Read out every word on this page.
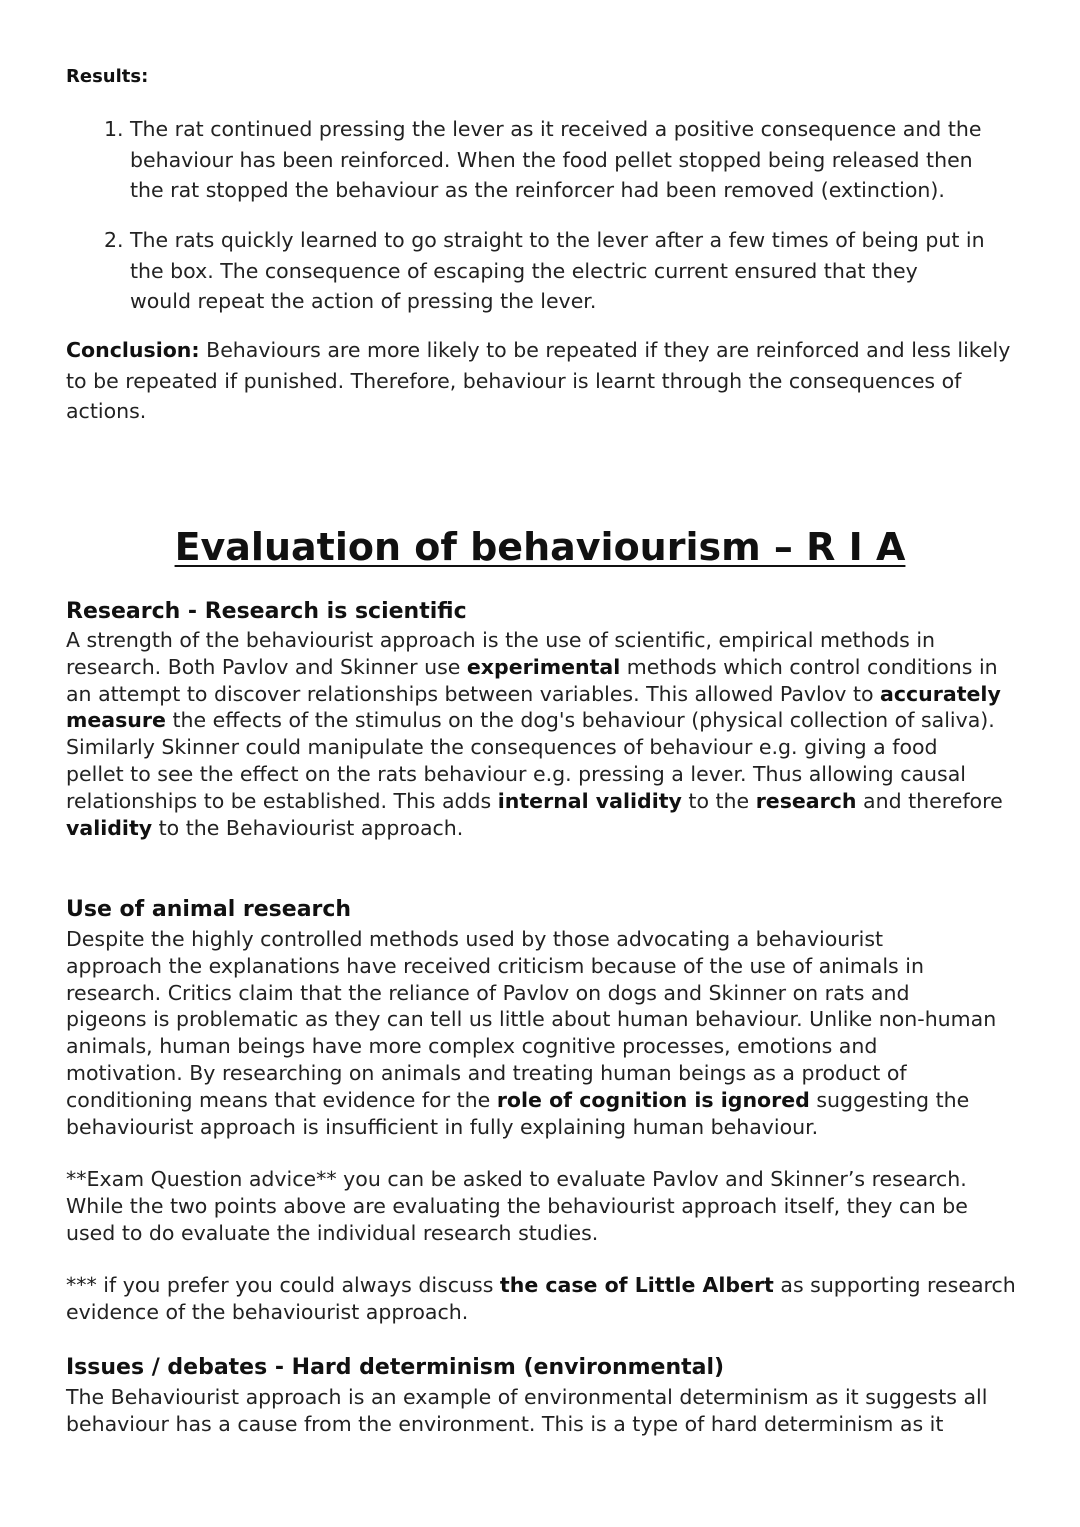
Results:
1. The rat continued pressing the lever as it received a positive consequence and the

behaviour has been reinforced. When the food pellet stopped being released then

the rat stopped the behaviour as the reinforcer had been removed (extinction).

2. The rats quickly learned to go straight to the lever after a few times of being put in

the box. The consequence of escaping the electric current ensured that they

would repeat the action of pressing the lever.

Conclusion: Behaviours are more likely to be repeated if they are reinforced and less likely

to be repeated if punished. Therefore, behaviour is learnt through the consequences of

actions.

Evaluation of behaviourism – R I A
Research - Research is scientific

A strength of the behaviourist approach is the use of scientific, empirical methods in

research. Both Pavlov and Skinner use experimental methods which control conditions in

an attempt to discover relationships between variables. This allowed Pavlov to accurately

measure the effects of the stimulus on the dog's behaviour (physical collection of saliva).

Similarly Skinner could manipulate the consequences of behaviour e.g. giving a food

pellet to see the effect on the rats behaviour e.g. pressing a lever. Thus allowing causal

relationships to be established. This adds internal validity to the research and therefore

validity to the Behaviourist approach.

Use of animal research

Despite the highly controlled methods used by those advocating a behaviourist

approach the explanations have received criticism because of the use of animals in

research. Critics claim that the reliance of Pavlov on dogs and Skinner on rats and

pigeons is problematic as they can tell us little about human behaviour. Unlike non-human

animals, human beings have more complex cognitive processes, emotions and

motivation. By researching on animals and treating human beings as a product of

conditioning means that evidence for the role of cognition is ignored suggesting the

behaviourist approach is insufficient in fully explaining human behaviour.

**Exam Question advice** you can be asked to evaluate Pavlov and Skinner’s research.

While the two points above are evaluating the behaviourist approach itself, they can be

used to do evaluate the individual research studies.

*** if you prefer you could always discuss the case of Little Albert as supporting research

evidence of the behaviourist approach.

Issues / debates - Hard determinism (environmental)

The Behaviourist approach is an example of environmental determinism as it suggests all

behaviour has a cause from the environment. This is a type of hard determinism as it
